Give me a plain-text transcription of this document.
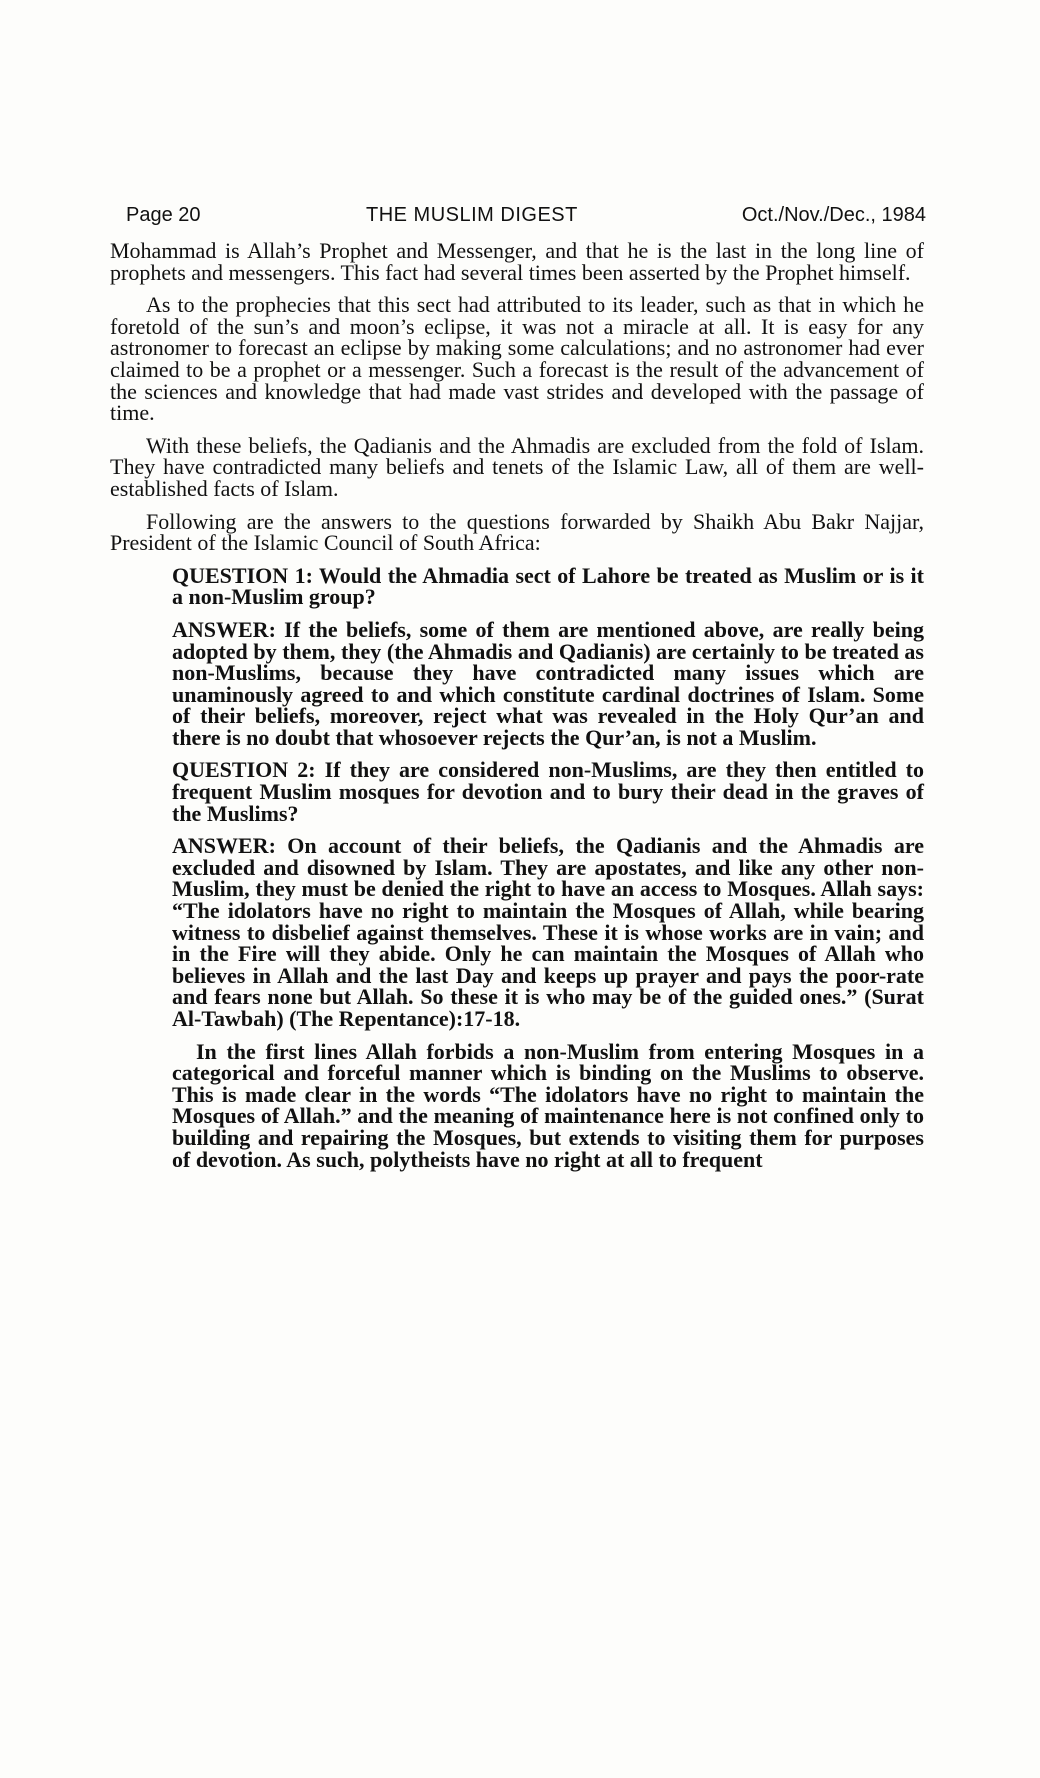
Page 20	THE MUSLIM DIGEST	Oct./Nov./Dec., 1984

Mohammad is Allah’s Prophet and Messenger, and that he is the last in the long line of prophets and messengers. This fact had several times been asserted by the Prophet himself.

As to the prophecies that this sect had attributed to its leader, such as that in which he foretold of the sun’s and moon’s eclipse, it was not a miracle at all. It is easy for any astronomer to forecast an eclipse by making some calculations; and no astronomer had ever claimed to be a prophet or a messenger. Such a forecast is the result of the advancement of the sciences and knowledge that had made vast strides and developed with the passage of time.

With these beliefs, the Qadianis and the Ahmadis are excluded from the fold of Islam. They have contradicted many beliefs and tenets of the Islamic Law, all of them are well-established facts of Islam.

Following are the answers to the questions forwarded by Shaikh Abu Bakr Najjar, President of the Islamic Council of South Africa:

QUESTION 1: Would the Ahmadia sect of Lahore be treated as Muslim or is it a non-Muslim group?

ANSWER: If the beliefs, some of them are mentioned above, are really being adopted by them, they (the Ahmadis and Qadianis) are certainly to be treated as non-Muslims, because they have contradicted many issues which are unaminously agreed to and which constitute cardinal doctrines of Islam. Some of their beliefs, moreover, reject what was revealed in the Holy Qur’an and there is no doubt that whosoever rejects the Qur’an, is not a Muslim.

QUESTION 2: If they are considered non-Muslims, are they then entitled to frequent Muslim mosques for devotion and to bury their dead in the graves of the Muslims?

ANSWER: On account of their beliefs, the Qadianis and the Ahmadis are excluded and disowned by Islam. They are apostates, and like any other non-Muslim, they must be denied the right to have an access to Mosques. Allah says: “The idolators have no right to maintain the Mosques of Allah, while bearing witness to disbelief against themselves. These it is whose works are in vain; and in the Fire will they abide. Only he can maintain the Mosques of Allah who believes in Allah and the last Day and keeps up prayer and pays the poor-rate and fears none but Allah. So these it is who may be of the guided ones.” (Surat Al-Tawbah) (The Repentance):17-18.

In the first lines Allah forbids a non-Muslim from entering Mosques in a categorical and forceful manner which is binding on the Muslims to observe. This is made clear in the words “The idolators have no right to maintain the Mosques of Allah.” and the meaning of maintenance here is not confined only to building and repairing the Mosques, but extends to visiting them for purposes of devotion. As such, polytheists have no right at all to frequent
